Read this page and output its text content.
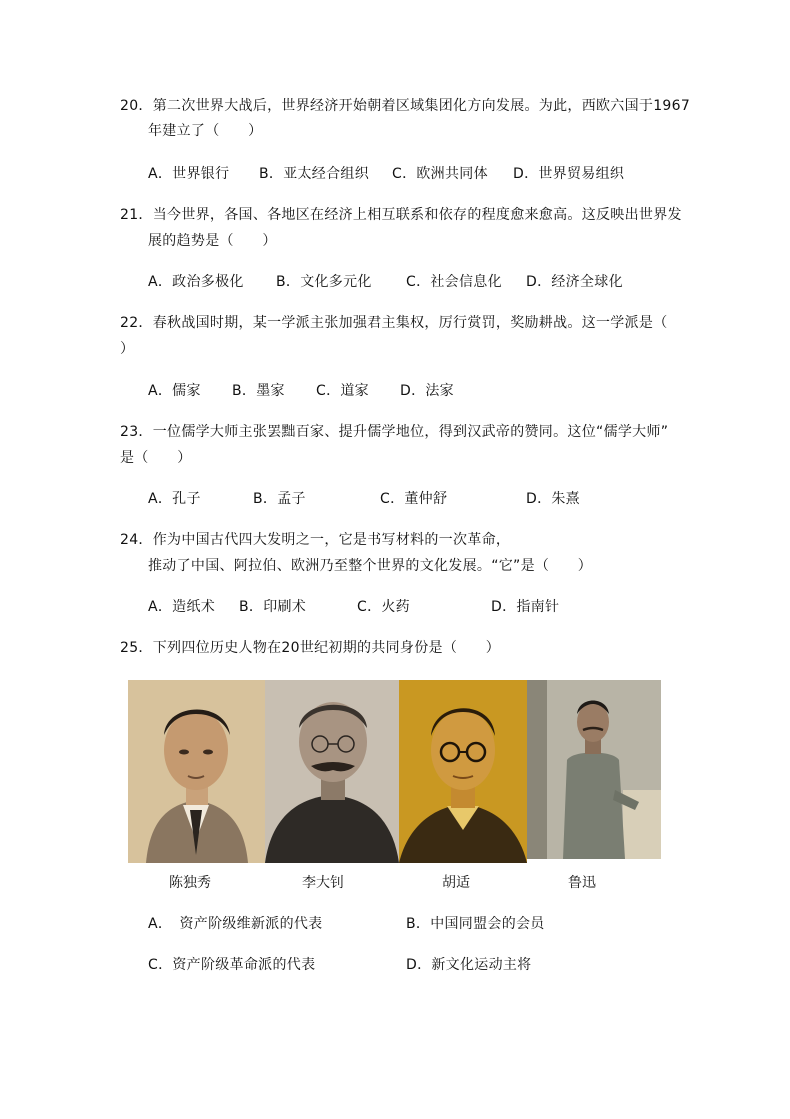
20．第二次世界大战后，世界经济开始朝着区域集团化方向发展。为此，西欧六国于1967
年建立了（　　）
A．世界银行 B．亚太经合组织 C．欧洲共同体 D．世界贸易组织
21．当今世界，各国、各地区在经济上相互联系和依存的程度愈来愈高。这反映出世界发
展的趋势是（　　）
A．政治多极化 B．文化多元化 C．社会信息化 D．经济全球化
22．春秋战国时期，某一学派主张加强君主集权，厉行赏罚，奖励耕战。这一学派是（
）
A．儒家 B．墨家 C．道家 D．法家
23．一位儒学大师主张罢黜百家、提升儒学地位，得到汉武帝的赞同。这位“儒学大师”
是（　　）
A．孔子	B．孟子	C．董仲舒	D．朱熹
24．作为中国古代四大发明之一，它是书写材料的一次革命，
推动了中国、阿拉伯、欧洲乃至整个世界的文化发展。“它”是（　　）
A．造纸术 B．印刷术	C．火药	D．指南针
25．下列四位历史人物在20世纪初期的共同身份是（　　）
陈独秀	李大钊	胡适	鲁迅
A．　资产阶级维新派的代表	B．中国同盟会的会员
C．资产阶级革命派的代表	D．新文化运动主将
